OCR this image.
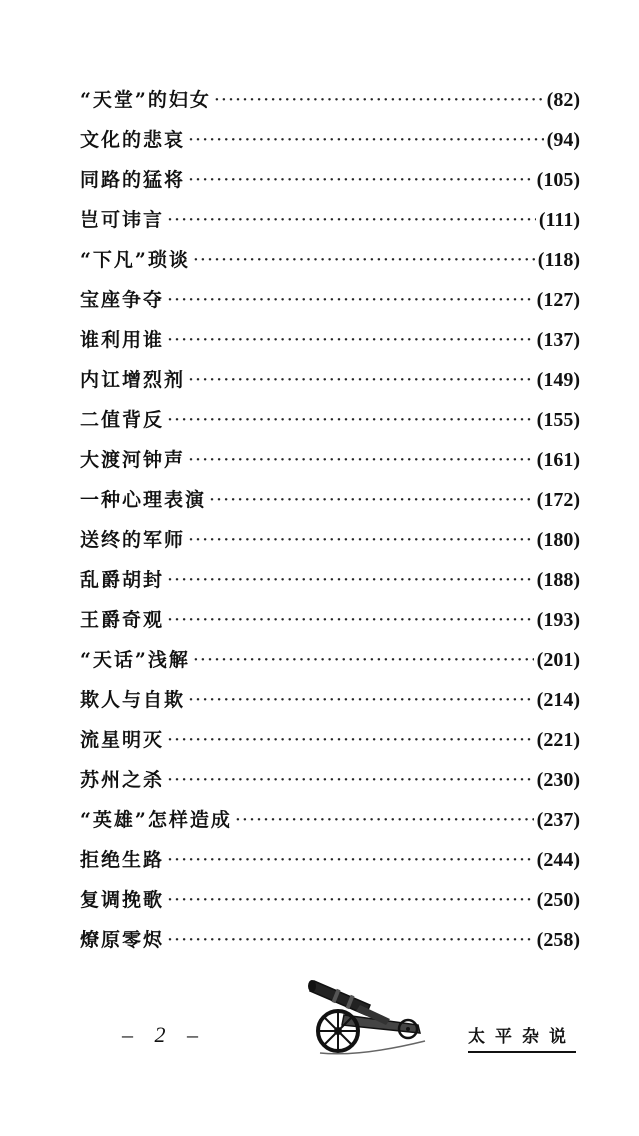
“天堂”的妇女 ·····	(82)
文化的悲哀 ·····	(94)
同路的猛将 ·····	(105)
岂可讳言 ·····	(111)
“下凡”琐谈 ·····	(118)
宝座争夺 ·····	(127)
谁利用谁 ·····	(137)
内讧增烈剂 ·····	(149)
二值背反 ·····	(155)
大渡河钟声 ·····	(161)
一种心理表演 ·····	(172)
送终的军师 ·····	(180)
乱爵胡封 ·····	(188)
王爵奇观 ·····	(193)
“天话”浅解 ·····	(201)
欺人与自欺 ·····	(214)
流星明灭 ·····	(221)
苏州之杀 ·····	(230)
“英雄”怎样造成 ·····	(237)
拒绝生路 ·····	(244)
复调挽歌 ·····	(250)
燎原零烬 ·····	(258)
– 2 –	太平杂说
